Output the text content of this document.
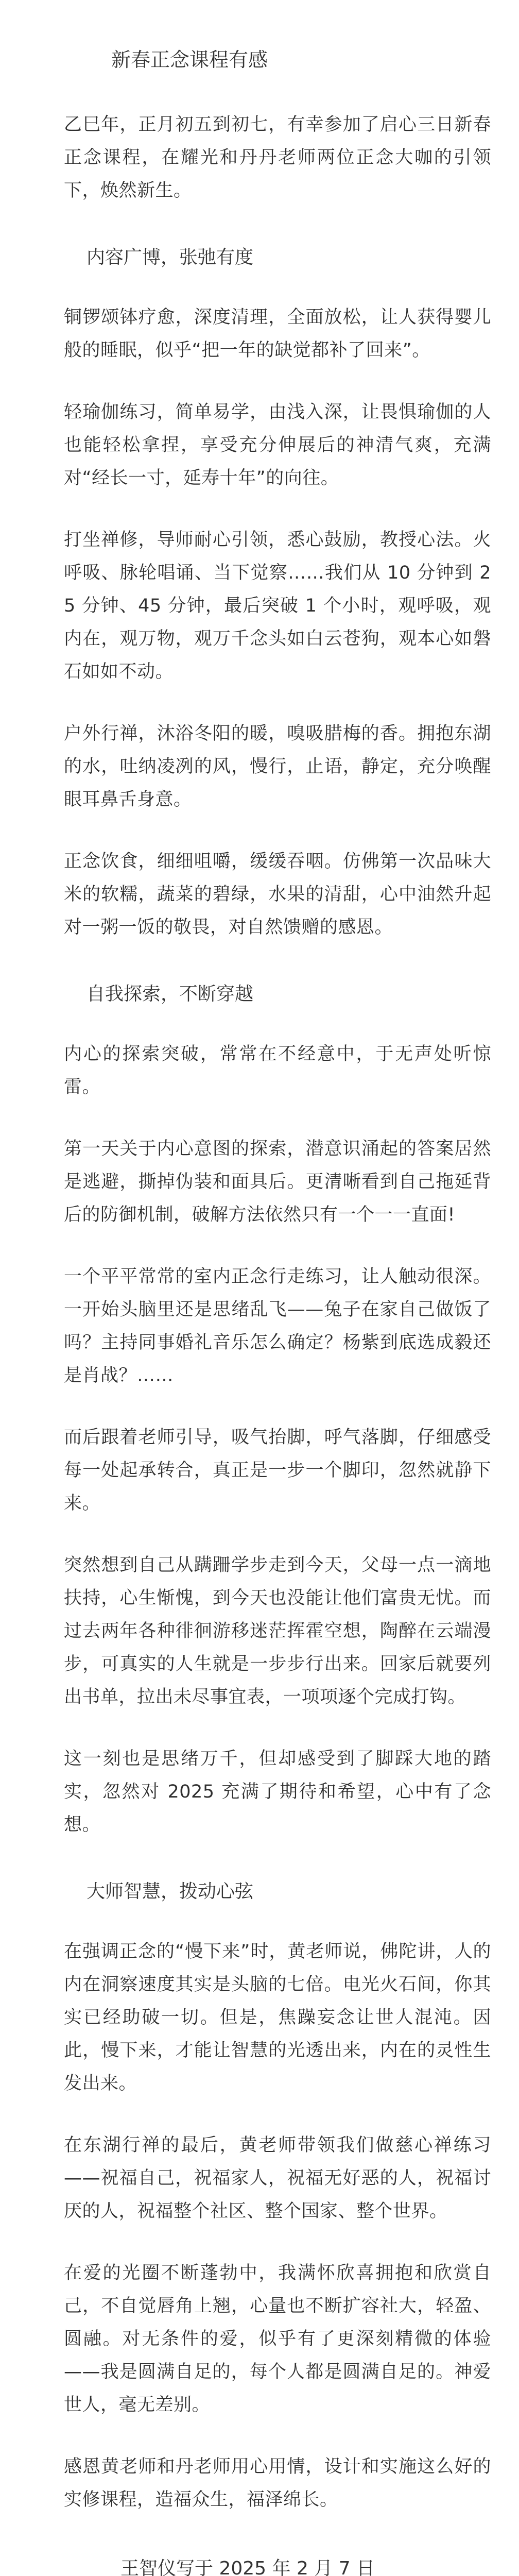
新春正念课程有感

乙巳年，正月初五到初七，有幸参加了启心三日新春正念课程，在耀光和丹丹老师两位正念大咖的引领下，焕然新生。

内容广博，张弛有度

铜锣颂钵疗愈，深度清理，全面放松，让人获得婴儿般的睡眠，似乎“把一年的缺觉都补了回来”。

轻瑜伽练习，简单易学，由浅入深，让畏惧瑜伽的人也能轻松拿捏，享受充分伸展后的神清气爽，充满对“经长一寸，延寿十年”的向往。

打坐禅修，导师耐心引领，悉心鼓励，教授心法。火呼吸、脉轮唱诵、当下觉察……我们从 10 分钟到 25 分钟、45 分钟，最后突破 1 个小时，观呼吸，观内在，观万物，观万千念头如白云苍狗，观本心如磐石如如不动。

户外行禅，沐浴冬阳的暖，嗅吸腊梅的香。拥抱东湖的水，吐纳凌冽的风，慢行，止语，静定，充分唤醒眼耳鼻舌身意。

正念饮食，细细咀嚼，缓缓吞咽。仿佛第一次品味大米的软糯，蔬菜的碧绿，水果的清甜，心中油然升起对一粥一饭的敬畏，对自然馈赠的感恩。

自我探索，不断穿越

内心的探索突破，常常在不经意中，于无声处听惊雷。

第一天关于内心意图的探索，潜意识涌起的答案居然是逃避，撕掉伪装和面具后。更清晰看到自己拖延背后的防御机制，破解方法依然只有一个一一直面!

一个平平常常的室内正念行走练习，让人触动很深。一开始头脑里还是思绪乱飞——兔子在家自己做饭了吗？主持同事婚礼音乐怎么确定？杨紫到底选成毅还是肖战？……

而后跟着老师引导，吸气抬脚，呼气落脚，仔细感受每一处起承转合，真正是一步一个脚印，忽然就静下来。

突然想到自己从蹒跚学步走到今天，父母一点一滴地扶持，心生惭愧，到今天也没能让他们富贵无忧。而过去两年各种徘徊游移迷茫挥霍空想，陶醉在云端漫步，可真实的人生就是一步步行出来。回家后就要列出书单，拉出未尽事宜表，一项项逐个完成打钩。

这一刻也是思绪万千，但却感受到了脚踩大地的踏实，忽然对 2025 充满了期待和希望，心中有了念想。

大师智慧，拨动心弦

在强调正念的“慢下来”时，黄老师说，佛陀讲，人的内在洞察速度其实是头脑的七倍。电光火石间，你其实已经助破一切。但是，焦躁妄念让世人混沌。因此，慢下来，才能让智慧的光透出来，内在的灵性生发出来。

在东湖行禅的最后，黄老师带领我们做慈心禅练习——祝福自己，祝福家人，祝福无好恶的人，祝福讨厌的人，祝福整个社区、整个国家、整个世界。

在爱的光圈不断蓬勃中，我满怀欣喜拥抱和欣赏自己，不自觉唇角上翘，心量也不断扩容社大，轻盈、圆融。对无条件的爱，似乎有了更深刻精微的体验——我是圆满自足的，每个人都是圆满自足的。神爱世人，毫无差别。

感恩黄老师和丹老师用心用情，设计和实施这么好的实修课程，造福众生，福泽绵长。

王智仪写于 2025 年 2 月 7 日
